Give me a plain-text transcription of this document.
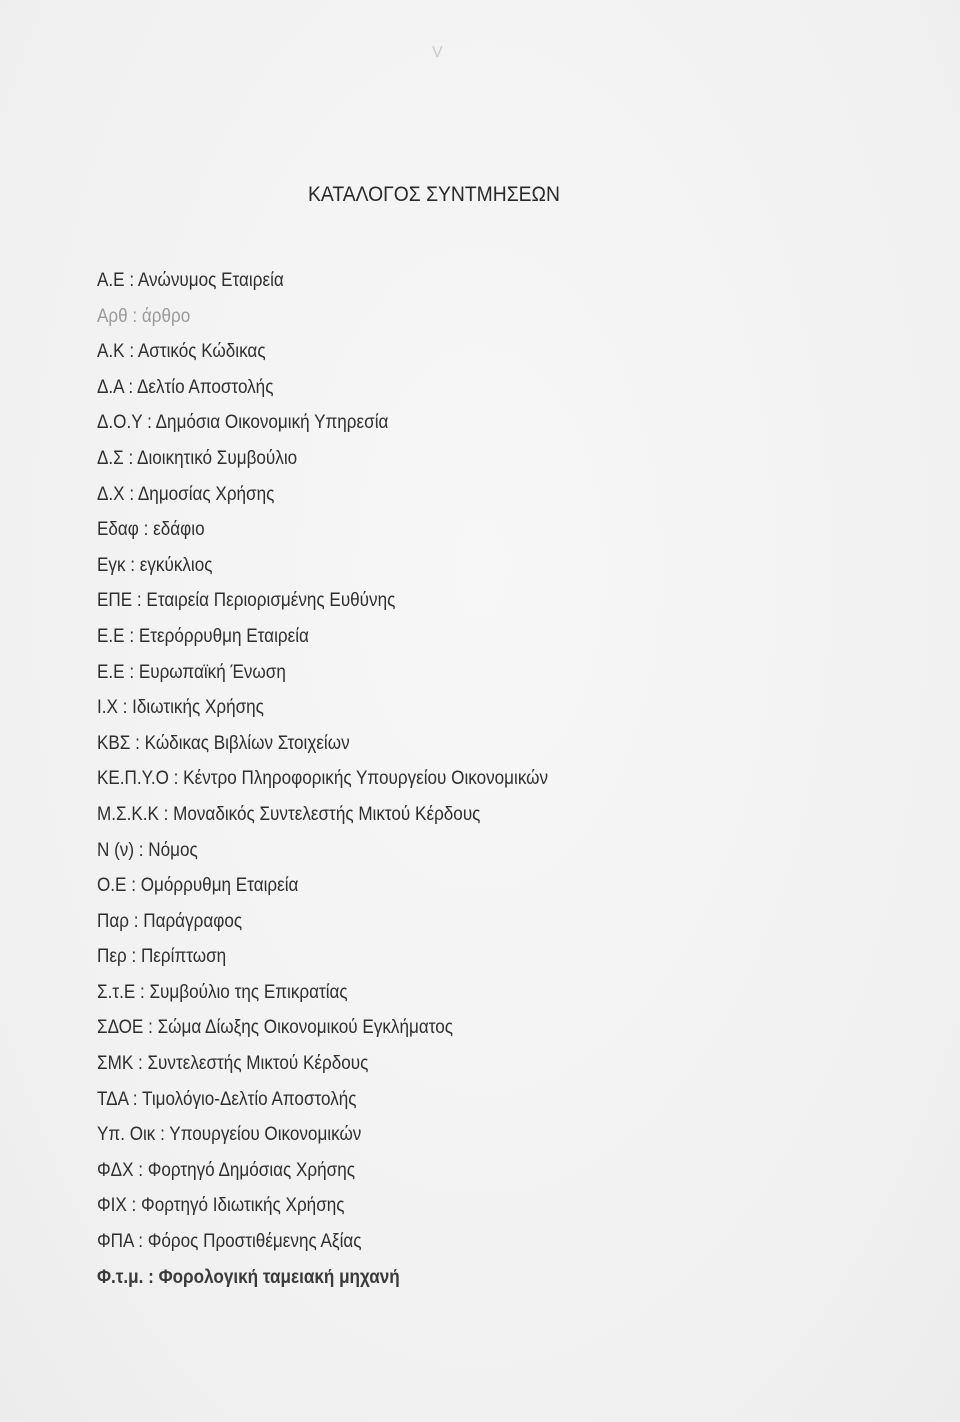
V
ΚΑΤΑΛΟΓΟΣ ΣΥΝΤΜΗΣΕΩΝ
Α.Ε : Ανώνυμος Εταιρεία
Αρθ : άρθρο
Α.Κ : Αστικός Κώδικας
Δ.Α : Δελτίο Αποστολής
Δ.Ο.Υ : Δημόσια Οικονομική Υπηρεσία
Δ.Σ : Διοικητικό Συμβούλιο
Δ.Χ : Δημοσίας Χρήσης
Εδαφ : εδάφιο
Εγκ : εγκύκλιος
ΕΠΕ : Εταιρεία Περιορισμένης Ευθύνης
Ε.Ε : Ετερόρρυθμη Εταιρεία
Ε.Ε : Ευρωπαϊκή Ένωση
Ι.Χ : Ιδιωτικής Χρήσης
ΚΒΣ : Κώδικας Βιβλίων Στοιχείων
ΚΕ.Π.Υ.Ο : Κέντρο Πληροφορικής Υπουργείου Οικονομικών
Μ.Σ.Κ.Κ : Μοναδικός Συντελεστής Μικτού Κέρδους
Ν (ν) : Νόμος
Ο.Ε : Ομόρρυθμη Εταιρεία
Παρ : Παράγραφος
Περ : Περίπτωση
Σ.τ.Ε : Συμβούλιο της Επικρατίας
ΣΔΟΕ : Σώμα Δίωξης Οικονομικού Εγκλήματος
ΣΜΚ : Συντελεστής Μικτού Κέρδους
ΤΔΑ : Τιμολόγιο-Δελτίο Αποστολής
Υπ. Οικ : Υπουργείου Οικονομικών
ΦΔΧ : Φορτηγό Δημόσιας Χρήσης
ΦΙΧ : Φορτηγό Ιδιωτικής Χρήσης
ΦΠΑ : Φόρος Προστιθέμενης Αξίας
Φ.τ.μ. : Φορολογική ταμειακή μηχανή
